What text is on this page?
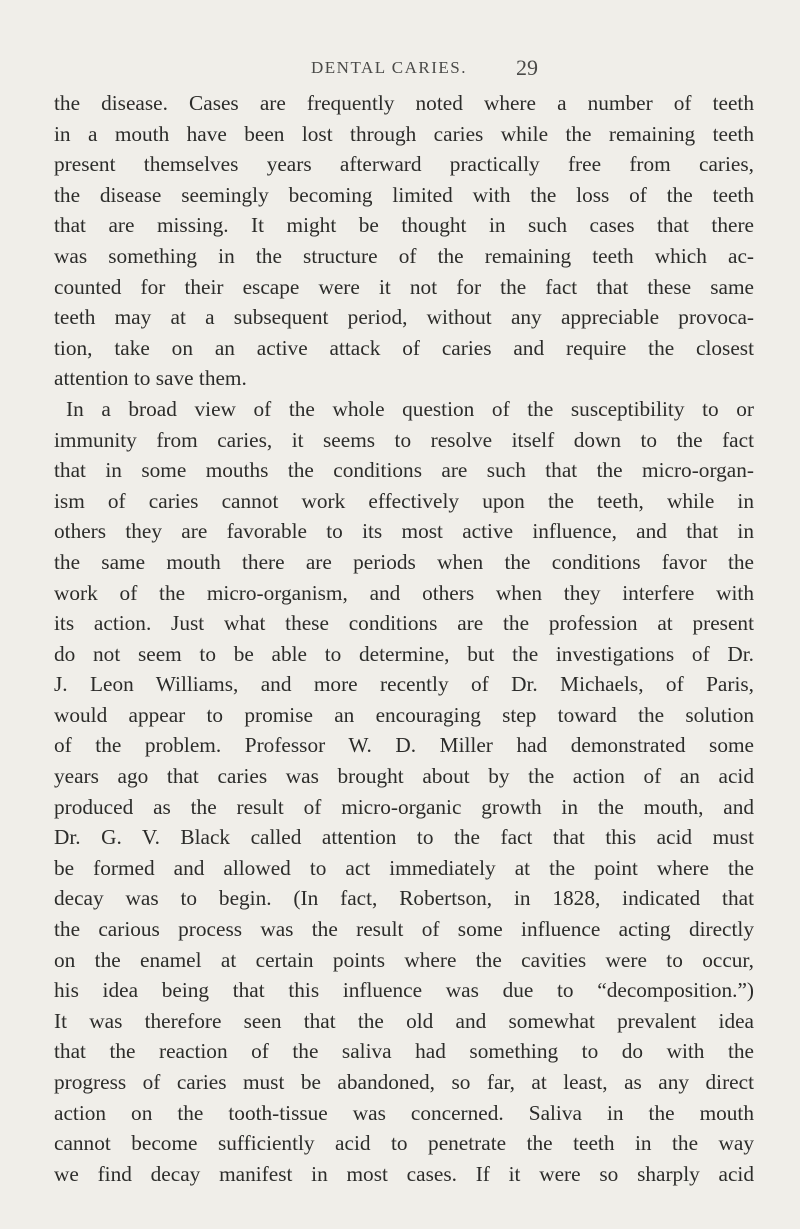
DENTAL CARIES. 29
the disease. Cases are frequently noted where a number of teeth
in a mouth have been lost through caries while the remaining teeth
present themselves years afterward practically free from caries,
the disease seemingly becoming limited with the loss of the teeth
that are missing. It might be thought in such cases that there
was something in the structure of the remaining teeth which ac-
counted for their escape were it not for the fact that these same
teeth may at a subsequent period, without any appreciable provoca-
tion, take on an active attack of caries and require the closest
attention to save them.
In a broad view of the whole question of the susceptibility to or
immunity from caries, it seems to resolve itself down to the fact
that in some mouths the conditions are such that the micro-organ-
ism of caries cannot work effectively upon the teeth, while in
others they are favorable to its most active influence, and that in
the same mouth there are periods when the conditions favor the
work of the micro-organism, and others when they interfere with
its action. Just what these conditions are the profession at present
do not seem to be able to determine, but the investigations of Dr.
J. Leon Williams, and more recently of Dr. Michaels, of Paris,
would appear to promise an encouraging step toward the solution
of the problem. Professor W. D. Miller had demonstrated some
years ago that caries was brought about by the action of an acid
produced as the result of micro-organic growth in the mouth, and
Dr. G. V. Black called attention to the fact that this acid must
be formed and allowed to act immediately at the point where the
decay was to begin. (In fact, Robertson, in 1828, indicated that
the carious process was the result of some influence acting directly
on the enamel at certain points where the cavities were to occur,
his idea being that this influence was due to “decomposition.”)
It was therefore seen that the old and somewhat prevalent idea
that the reaction of the saliva had something to do with the
progress of caries must be abandoned, so far, at least, as any direct
action on the tooth-tissue was concerned. Saliva in the mouth
cannot become sufficiently acid to penetrate the teeth in the way
we find decay manifest in most cases. If it were so sharply acid
